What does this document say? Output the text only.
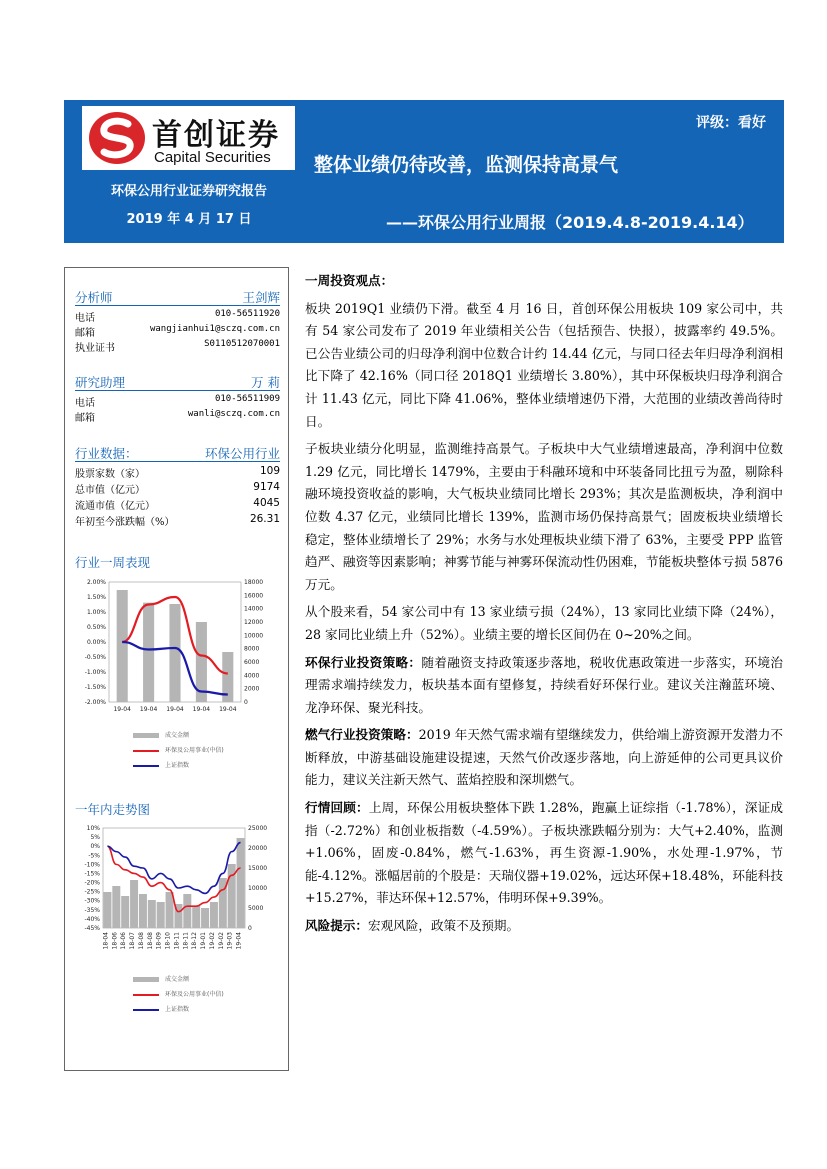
首创证券
Capital Securities
评级：看好
整体业绩仍待改善，监测保持高景气
——环保公用行业周报（2019.4.8-2019.4.14）
环保公用行业证券研究报告
2019 年 4 月 17 日
分析师	王剑辉
电话	010-56511920
邮箱	wangjianhui1@sczq.com.cn
执业证书	S0110512070001
研究助理	万 莉
电话	010-56511909
邮箱	wanli@sczq.com.cn
行业数据：	环保公用行业
股票家数（家）	109
总市值（亿元）	9174
流通市值（亿元）	4045
年初至今涨跌幅（%）	26.31
行业一周表现
2.00%
1.50%
1.00%
0.50%
0.00%
-0.50%
-1.00%
-1.50%
-2.00%
18000
16000
14000
12000
10000
8000
6000
4000
2000
0
19-04 19-04 19-04 19-04 19-04
成交金额
环保及公用事业(中信)
上证指数
一年内走势图
10%
5%
0%
-5%
-10%
-15%
-20%
-25%
-30%
-35%
-40%
-45%
25000
20000
15000
10000
5000
0
18-04 18-06 18-06 18-07 18-08 18-08 18-09 18-10 18-11 18-11 18-12 19-01 19-02 19-02 19-03 19-04
成交金额
环保及公用事业(中信)
上证指数

一周投资观点：

板块 2019Q1 业绩仍下滑。截至 4 月 16 日，首创环保公用板块 109 家公司中，共有 54 家公司发布了 2019 年业绩相关公告（包括预告、快报），披露率约 49.5%。已公告业绩公司的归母净利润中位数合计约 14.44 亿元，与同口径去年归母净利润相比下降了 42.16%（同口径 2018Q1 业绩增长 3.80%），其中环保板块归母净利润合计 11.43 亿元，同比下降 41.06%，整体业绩增速仍下滑，大范围的业绩改善尚待时日。

子板块业绩分化明显，监测维持高景气。子板块中大气业绩增速最高，净利润中位数 1.29 亿元，同比增长 1479%，主要由于科融环境和中环装备同比扭亏为盈，剔除科融环境投资收益的影响，大气板块业绩同比增长 293%；其次是监测板块，净利润中位数 4.37 亿元，业绩同比增长 139%，监测市场仍保持高景气；固废板块业绩增长稳定，整体业绩增长了 29%；水务与水处理板块业绩下滑了 63%，主要受 PPP 监管趋严、融资等因素影响；神雾节能与神雾环保流动性仍困难，节能板块整体亏损 5876 万元。

从个股来看，54 家公司中有 13 家业绩亏损（24%），13 家同比业绩下降（24%），28 家同比业绩上升（52%）。业绩主要的增长区间仍在 0~20%之间。

环保行业投资策略：随着融资支持政策逐步落地，税收优惠政策进一步落实，环境治理需求端持续发力，板块基本面有望修复，持续看好环保行业。建议关注瀚蓝环境、龙净环保、聚光科技。

燃气行业投资策略：2019 年天然气需求端有望继续发力，供给端上游资源开发潜力不断释放，中游基础设施建设提速，天然气价改逐步落地，向上游延伸的公司更具议价能力，建议关注新天然气、蓝焰控股和深圳燃气。

行情回顾：上周，环保公用板块整体下跌 1.28%，跑赢上证综指（-1.78%），深证成指（-2.72%）和创业板指数（-4.59%）。子板块涨跌幅分别为：大气+2.40%，监测+1.06%，固废-0.84%，燃气-1.63%，再生资源-1.90%，水处理-1.97%，节能-4.12%。涨幅居前的个股是：天瑞仪器+19.02%，远达环保+18.48%，环能科技+15.27%，菲达环保+12.57%，伟明环保+9.39%。

风险提示：宏观风险，政策不及预期。
